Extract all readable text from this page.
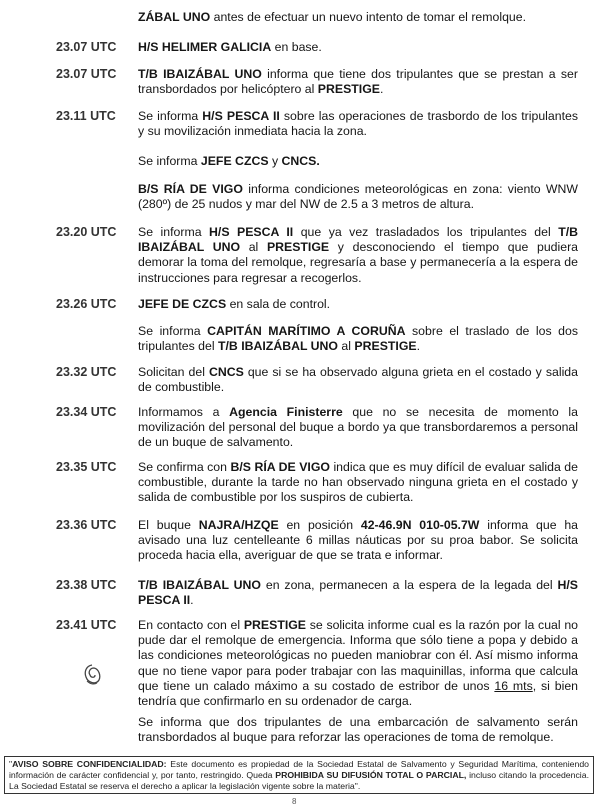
ZÁBAL UNO antes de efectuar un nuevo intento de tomar el remolque.
23.07 UTC	H/S HELIMER GALICIA en base.
23.07 UTC	T/B IBAIZÁBAL UNO informa que tiene dos tripulantes que se prestan a ser transbordados por helicóptero al PRESTIGE.
23.11 UTC	Se informa H/S PESCA II sobre las operaciones de trasbordo de los tripulantes y su movilización inmediata hacia la zona.
Se informa JEFE CZCS y CNCS.
B/S RÍA DE VIGO informa condiciones meteorológicas en zona: viento WNW (280º) de 25 nudos y mar del NW de 2.5 a 3 metros de altura.
23.20 UTC	Se informa H/S PESCA II que ya vez trasladados los tripulantes del T/B IBAIZÁBAL UNO al PRESTIGE y desconociendo el tiempo que pudiera demorar la toma del remolque, regresaría a base y permanecería a la espera de instrucciones para regresar a recogerlos.
23.26 UTC	JEFE DE CZCS en sala de control.
Se informa CAPITÁN MARÍTIMO A CORUÑA sobre el traslado de los dos tripulantes del T/B IBAIZÁBAL UNO al PRESTIGE.
23.32 UTC	Solicitan del CNCS que si se ha observado alguna grieta en el costado y salida de combustible.
23.34 UTC	Informamos a Agencia Finisterre que no se necesita de momento la movilización del personal del buque a bordo ya que transbordaremos a personal de un buque de salvamento.
23.35 UTC	Se confirma con B/S RÍA DE VIGO indica que es muy difícil de evaluar salida de combustible, durante la tarde no han observado ninguna grieta en el costado y salida de combustible por los suspiros de cubierta.
23.36 UTC	El buque NAJRA/HZQE en posición 42-46.9N 010-05.7W informa que ha avisado una luz centelleante 6 millas náuticas por su proa babor. Se solicita proceda hacia ella, averiguar de que se trata e informar.
23.38 UTC	T/B IBAIZÁBAL UNO en zona, permanecen a la espera de la legada del H/S PESCA II.
23.41 UTC	En contacto con el PRESTIGE se solicita informe cual es la razón por la cual no pude dar el remolque de emergencia. Informa que sólo tiene a popa y debido a las condiciones meteorológicas no pueden maniobrar con él. Así mismo informa que no tiene vapor para poder trabajar con las maquinillas, informa que calcula que tiene un calado máximo a su costado de estribor de unos 16 mts, si bien tendría que confirmarlo en su ordenador de carga.
Se informa que dos tripulantes de una embarcación de salvamento serán transbordados al buque para reforzar las operaciones de toma de remolque.
"AVISO SOBRE CONFIDENCIALIDAD: Este documento es propiedad de la Sociedad Estatal de Salvamento y Seguridad Marítima, conteniendo información de carácter confidencial y, por tanto, restringido. Queda PROHIBIDA SU DIFUSIÓN TOTAL O PARCIAL, incluso citando la procedencia. La Sociedad Estatal se reserva el derecho a aplicar la legislación vigente sobre la materia".
8
